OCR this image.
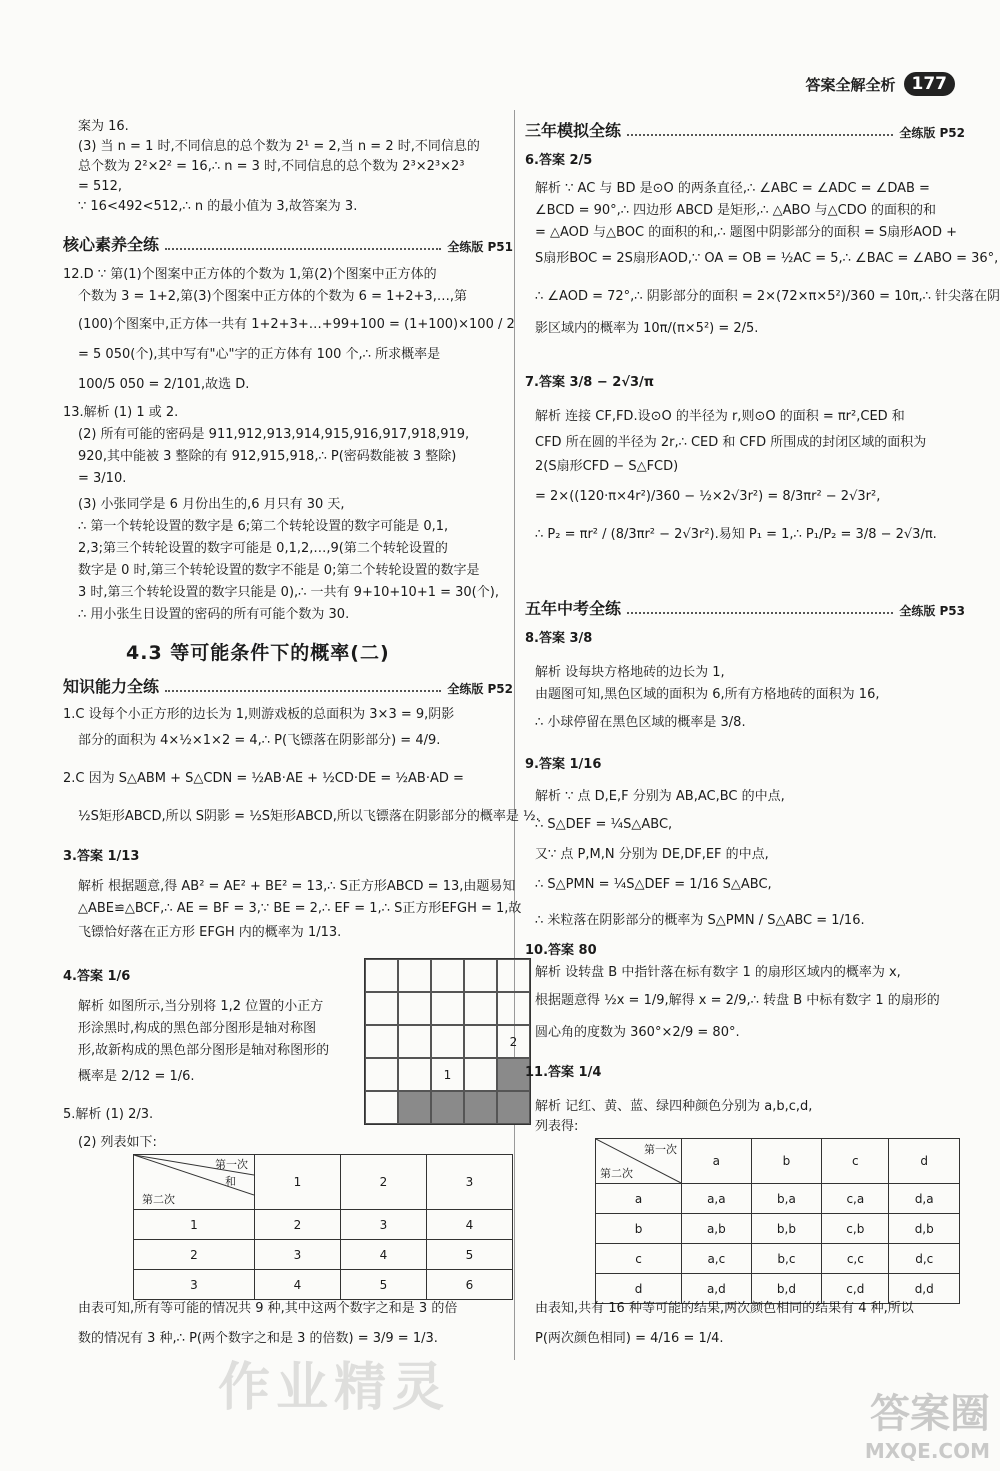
答案全解全析 177
案为 16.
(3) 当 n = 1 时,不同信息的总个数为 2¹ = 2,当 n = 2 时,不同信息的
总个数为 2²×2² = 16,∴ n = 3 时,不同信息的总个数为 2³×2³×2³
= 512,
∵ 16<492<512,∴ n 的最小值为 3,故答案为 3.
核心素养全练	全练版 P51
12.D ∵ 第(1)个图案中正方体的个数为 1,第(2)个图案中正方体的
个数为 3 = 1+2,第(3)个图案中正方体的个数为 6 = 1+2+3,…,第
(100)个图案中,正方体一共有 1+2+3+…+99+100 = (1+100)×100 / 2
= 5 050(个),其中写有"心"字的正方体有 100 个,∴ 所求概率是
100/5 050 = 2/101,故选 D.
13.解析 (1) 1 或 2.
(2) 所有可能的密码是 911,912,913,914,915,916,917,918,919,
920,其中能被 3 整除的有 912,915,918,∴ P(密码数能被 3 整除)
= 3/10.
(3) 小张同学是 6 月份出生的,6 月只有 30 天,
∴ 第一个转轮设置的数字是 6;第二个转轮设置的数字可能是 0,1,
2,3;第三个转轮设置的数字可能是 0,1,2,…,9(第二个转轮设置的
数字是 0 时,第三个转轮设置的数字不能是 0;第二个转轮设置的数字是
3 时,第三个转轮设置的数字只能是 0),∴ 一共有 9+10+10+1 = 30(个),
∴ 用小张生日设置的密码的所有可能个数为 30.
4.3 等可能条件下的概率(二)
知识能力全练	全练版 P52
1.C 设每个小正方形的边长为 1,则游戏板的总面积为 3×3 = 9,阴影
部分的面积为 4×½×1×2 = 4,∴ P(飞镖落在阴影部分) = 4/9.
2.C 因为 S△ABM + S△CDN = ½AB·AE + ½CD·DE = ½AB·AD =
½S矩形ABCD,所以 S阴影 = ½S矩形ABCD,所以飞镖落在阴影部分的概率是 ½.
3.答案 1/13
解析 根据题意,得 AB² = AE² + BE² = 13,∴ S正方形ABCD = 13,由题易知
△ABE≌△BCF,∴ AE = BF = 3,∵ BE = 2,∴ EF = 1,∴ S正方形EFGH = 1,故
飞镖恰好落在正方形 EFGH 内的概率为 1/13.
4.答案 1/6
解析 如图所示,当分别将 1,2 位置的小正方
形涂黑时,构成的黑色部分图形是轴对称图
形,故新构成的黑色部分图形是轴对称图形的
概率是 2/12 = 1/6.
2
1
5.解析 (1) 2/3.
(2) 列表如下:
第一次
和
第二次	1	2	3
1	2	3	4
2	3	4	5
3	4	5	6
由表可知,所有等可能的情况共 9 种,其中这两个数字之和是 3 的倍
数的情况有 3 种,∴ P(两个数字之和是 3 的倍数) = 3/9 = 1/3.
作业精灵
三年模拟全练	全练版 P52
6.答案 2/5
解析 ∵ AC 与 BD 是⊙O 的两条直径,∴ ∠ABC = ∠ADC = ∠DAB =
∠BCD = 90°,∴ 四边形 ABCD 是矩形,∴ △ABO 与△CDO 的面积的和
= △AOD 与△BOC 的面积的和,∴ 题图中阴影部分的面积 = S扇形AOD +
S扇形BOC = 2S扇形AOD,∵ OA = OB = ½AC = 5,∴ ∠BAC = ∠ABO = 36°,
∴ ∠AOD = 72°,∴ 阴影部分的面积 = 2×(72×π×5²)/360 = 10π,∴ 针尖落在阴
影区域内的概率为 10π/(π×5²) = 2/5.
7.答案 3/8 − 2√3/π
解析 连接 CF,FD.设⊙O 的半径为 r,则⊙O 的面积 = πr²,CED 和
CFD 所在圆的半径为 2r,∴ CED 和 CFD 所围成的封闭区域的面积为
2(S扇形CFD − S△FCD)
= 2×((120·π×4r²)/360 − ½×2√3r²) = 8/3πr² − 2√3r²,
∴ P₂ = πr² / (8/3πr² − 2√3r²).易知 P₁ = 1,∴ P₁/P₂ = 3/8 − 2√3/π.
五年中考全练	全练版 P53
8.答案 3/8
解析 设每块方格地砖的边长为 1,
由题图可知,黑色区域的面积为 6,所有方格地砖的面积为 16,
∴ 小球停留在黑色区域的概率是 3/8.
9.答案 1/16
解析 ∵ 点 D,E,F 分别为 AB,AC,BC 的中点,
∴ S△DEF = ¼S△ABC,
又∵ 点 P,M,N 分别为 DE,DF,EF 的中点,
∴ S△PMN = ¼S△DEF = 1/16 S△ABC,
∴ 米粒落在阴影部分的概率为 S△PMN / S△ABC = 1/16.
10.答案 80
解析 设转盘 B 中指针落在标有数字 1 的扇形区域内的概率为 x,
根据题意得 ½x = 1/9,解得 x = 2/9,∴ 转盘 B 中标有数字 1 的扇形的
圆心角的度数为 360°×2/9 = 80°.
11.答案 1/4
解析 记红、黄、蓝、绿四种颜色分别为 a,b,c,d,
列表得:
第一次
第二次	a	b	c	d
a	a,a	b,a	c,a	d,a
b	a,b	b,b	c,b	d,b
c	a,c	b,c	c,c	d,c
d	a,d	b,d	c,d	d,d
由表知,共有 16 种等可能的结果,两次颜色相同的结果有 4 种,所以
P(两次颜色相同) = 4/16 = 1/4.
答案圈
MXQE.COM
